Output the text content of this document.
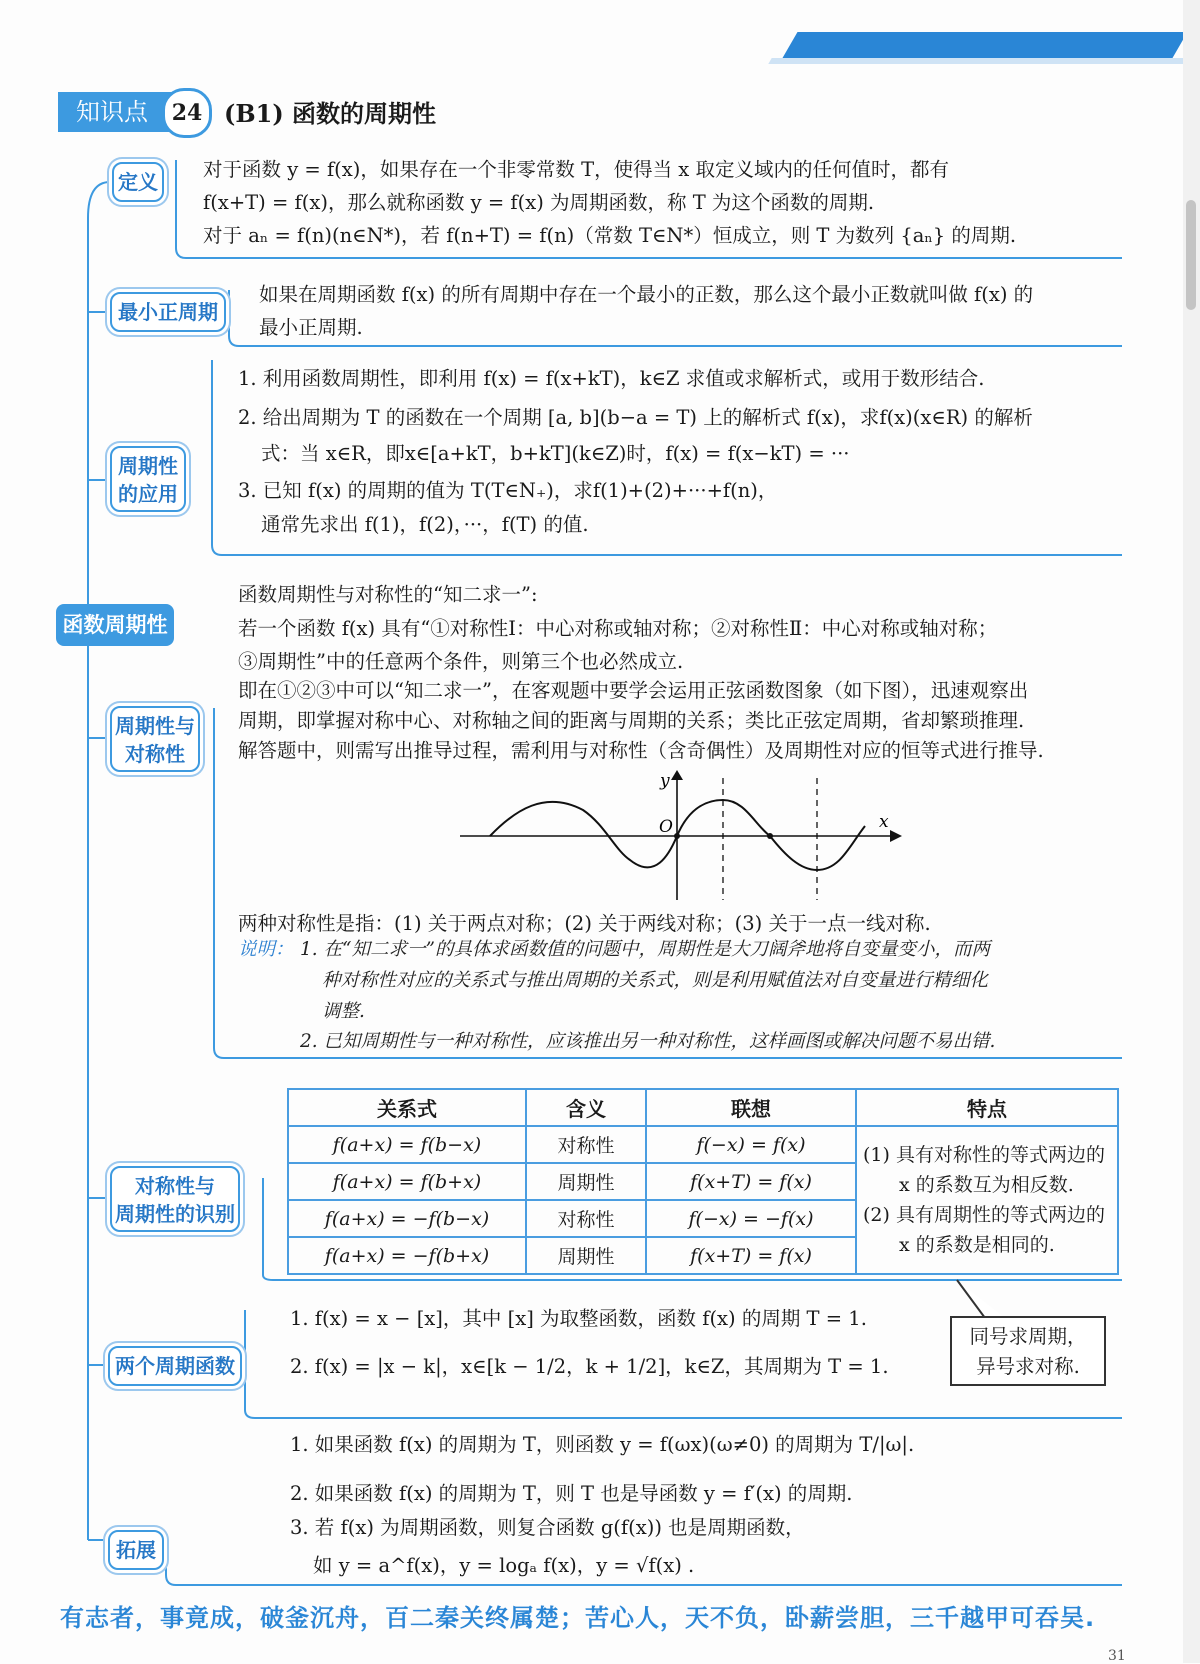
知识点	24 (B1) 函数的周期性
函数周期性
定义
对于函数 y = f(x)，如果存在一个非零常数 T，使得当 x 取定义域内的任何值时，都有
f(x+T) = f(x)，那么就称函数 y = f(x) 为周期函数，称 T 为这个函数的周期.
对于 aₙ = f(n)(n∈N*)，若 f(n+T) = f(n)（常数 T∈N*）恒成立，则 T 为数列 {aₙ} 的周期.
最小正周期
如果在周期函数 f(x) 的所有周期中存在一个最小的正数，那么这个最小正数就叫做 f(x) 的
最小正周期.
周期性
的应用
1. 利用函数周期性，即利用 f(x) = f(x+kT)，k∈Z 求值或求解析式，或用于数形结合.
2. 给出周期为 T 的函数在一个周期 [a, b](b−a = T) 上的解析式 f(x)，求f(x)(x∈R) 的解析
式：当 x∈R，即x∈[a+kT，b+kT](k∈Z)时，f(x) = f(x−kT) = ···
3. 已知 f(x) 的周期的值为 T(T∈N₊)，求f(1)+(2)+···+f(n)，
通常先求出 f(1)，f(2)，···，f(T) 的值.
周期性与
对称性
函数周期性与对称性的“知二求一”:
若一个函数 f(x) 具有“①对称性Ⅰ：中心对称或轴对称；②对称性Ⅱ：中心对称或轴对称；
③周期性”中的任意两个条件，则第三个也必然成立.
即在①②③中可以“知二求一”，在客观题中要学会运用正弦函数图象（如下图），迅速观察出
周期，即掌握对称中心、对称轴之间的距离与周期的关系；类比正弦定周期，省却繁琐推理.
解答题中，则需写出推导过程，需利用与对称性（含奇偶性）及周期性对应的恒等式进行推导.
x
y
O
两种对称性是指：(1) 关于两点对称；(2) 关于两线对称；(3) 关于一点一线对称.
说明： 1. 在“知二求一”的具体求函数值的问题中，周期性是大刀阔斧地将自变量变小，而两
种对称性对应的关系式与推出周期的关系式，则是利用赋值法对自变量进行精细化
调整.
2. 已知周期性与一种对称性，应该推出另一种对称性，这样画图或解决问题不易出错.
对称性与
周期性的识别
关系式	含义	联想	特点
f(a+x) = f(b−x)	对称性	f(−x) = f(x)	(1) 具有对称性的等式两边的
x 的系数互为相反数.
(2) 具有周期性的等式两边的
x 的系数是相同的.

f(a+x) = f(b+x)	周期性	f(x+T) = f(x)	
f(a+x) = −f(b−x)	对称性	f(−x) = −f(x)	
f(a+x) = −f(b+x)	周期性	f(x+T) = f(x)	
同号求周期，
异号求对称.
两个周期函数
1. f(x) = x − [x]，其中 [x] 为取整函数，函数 f(x) 的周期 T = 1.
2. f(x) = |x − k|，x∈[k − 1/2，k + 1/2]，k∈Z，其周期为 T = 1.
拓展
1. 如果函数 f(x) 的周期为 T，则函数 y = f(ωx)(ω≠0) 的周期为 T/|ω|.
2. 如果函数 f(x) 的周期为 T，则 T 也是导函数 y = f′(x) 的周期.
3. 若 f(x) 为周期函数，则复合函数 g(f(x)) 也是周期函数，
如 y = a^f(x)，y = logₐ f(x)，y = √f(x) .
有志者，事竟成，破釜沉舟，百二秦关终属楚；苦心人，天不负，卧薪尝胆，三千越甲可吞吴.
31
